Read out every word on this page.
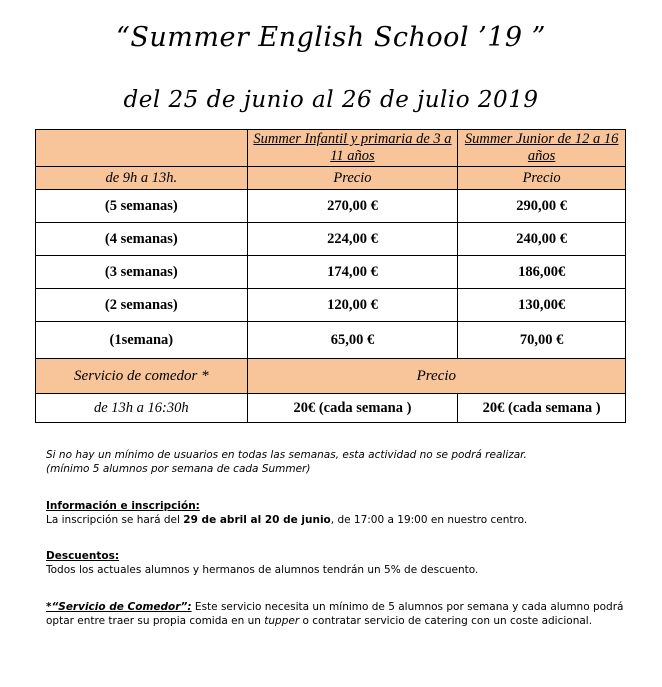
“Summer English School ’19 ”
del 25 de junio al 26 de julio 2019
	Summer Infantil y primaria de 3 a 11 años	Summer Junior de 12 a 16 años
de 9h a 13h.	Precio	Precio
(5 semanas)	270,00 €	290,00 €
(4 semanas)	224,00 €	240,00 €
(3 semanas)	174,00 €	186,00€
(2 semanas)	120,00 €	130,00€
(1semana)	65,00 €	70,00 €
Servicio de comedor *	Precio	
de 13h a 16:30h	20€ (cada semana )	20€ (cada semana )
Si no hay un mínimo de usuarios en todas las semanas, esta actividad no se podrá realizar.
(mínimo 5 alumnos por semana de cada Summer)
Información e inscripción:
La inscripción se hará del 29 de abril al 20 de junio, de 17:00 a 19:00 en nuestro centro.
Descuentos:
Todos los actuales alumnos y hermanos de alumnos tendrán un 5% de descuento.
*“Servicio de Comedor”: Este servicio necesita un mínimo de 5 alumnos por semana y cada alumno podrá optar entre traer su propia comida en un tupper o contratar servicio de catering con un coste adicional.
